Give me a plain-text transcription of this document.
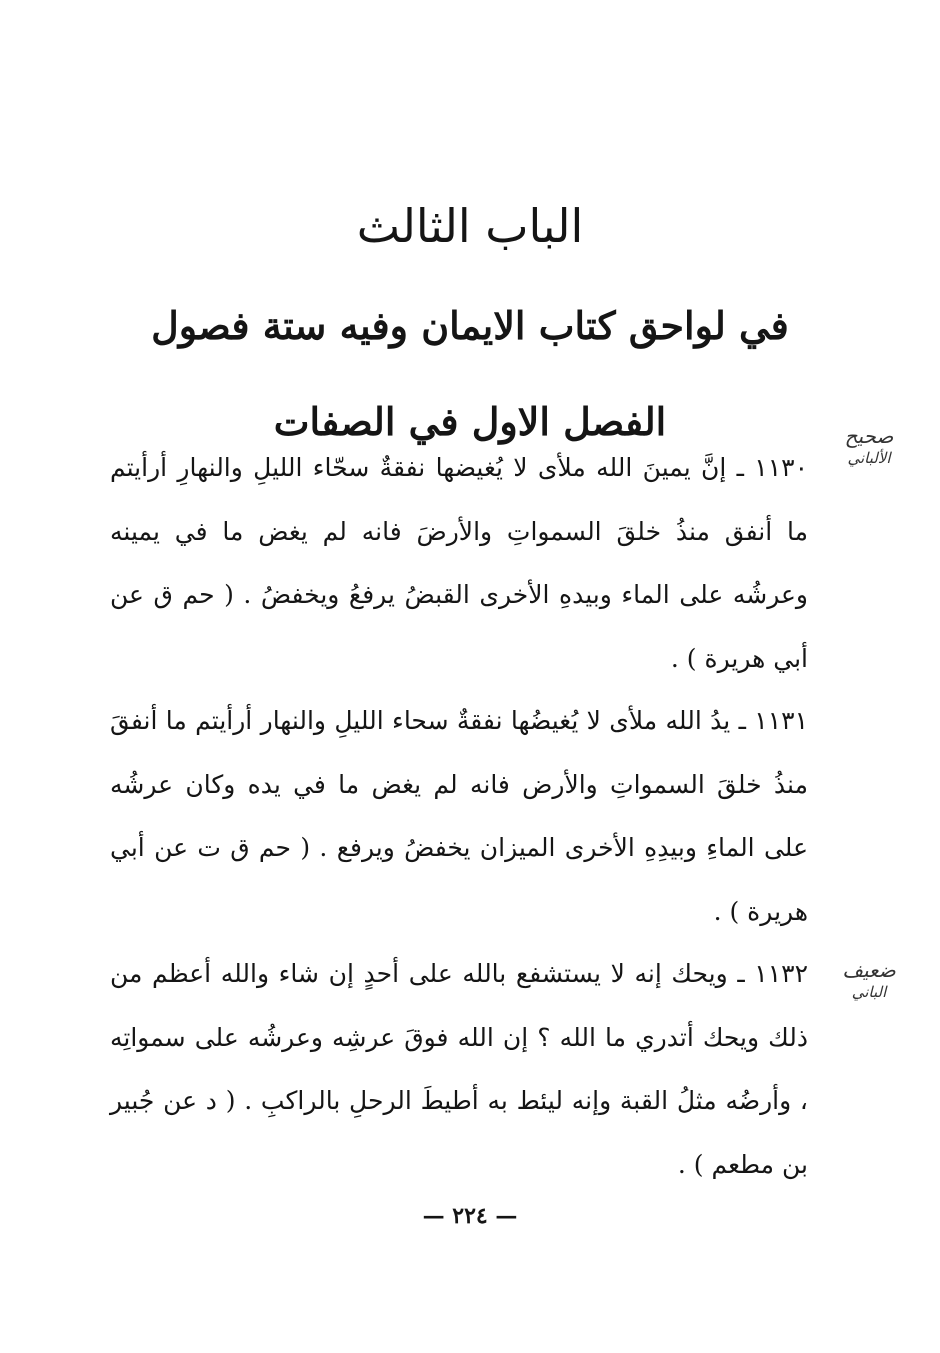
الباب الثالث
في لواحق كتاب الايمان وفيه ستة فصول
الفصل الاول في الصفات	صحيح
الألباني

١١٣٠ ـ إنَّ يمينَ الله ملأى لا يُغيضها نفقةٌ سحّاء الليلِ والنهارِ أرأيتم ما أنفق منذُ خلقَ السمواتِ والأرضَ فانه لم يغض ما في يمينه وعرشُه على الماء وبيدهِ الأخرى القبضُ يرفعُ ويخفضُ . ( حم ق عن أبي هريرة ) .

١١٣١ ـ يدُ الله ملأى لا يُغيضُها نفقةٌ سحاء الليلِ والنهار أرأيتم ما أنفقَ منذُ خلقَ السمواتِ والأرض فانه لم يغض ما في يده وكان عرشُه على الماءِ وبيدِهِ الأخرى الميزان يخفضُ ويرفع . ( حم ق ت عن أبي هريرة ) .

ضعيف
الباني

١١٣٢ ـ ويحك إنه لا يستشفع بالله على أحدٍ إن شاء والله أعظم من ذلك ويحك أتدري ما الله ؟ إن الله فوقَ عرشِه وعرشُه على سمواتِه ، وأرضُه مثلُ القبة وإنه ليئط به أطيطَ الرحلِ بالراكبِ . ( د عن جُبير بن مطعم ) .

— ٢٢٤ —
